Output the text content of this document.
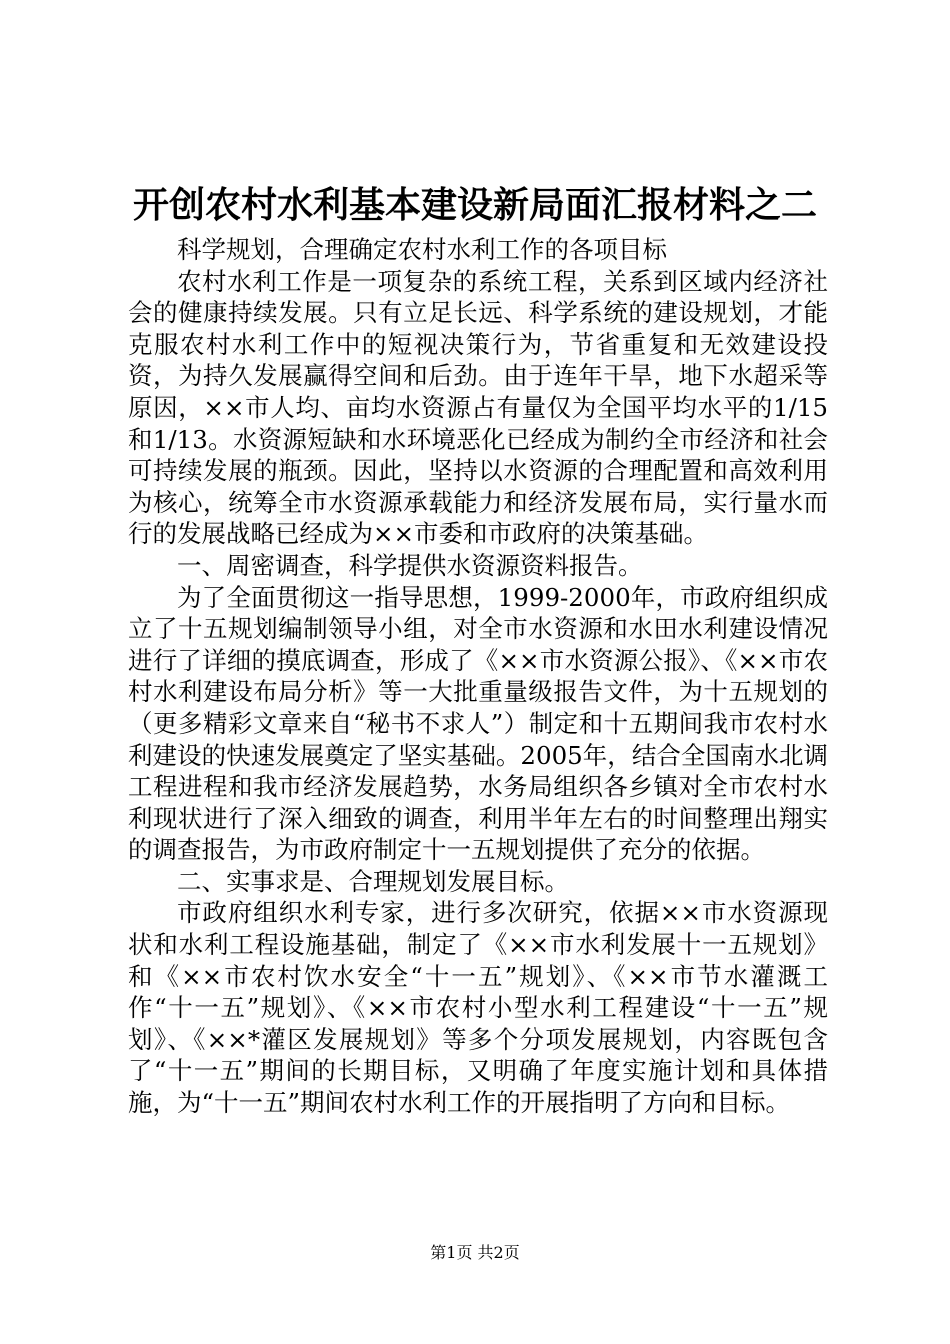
开创农村水利基本建设新局面汇报材料之二

科学规划，合理确定农村水利工作的各项目标

农村水利工作是一项复杂的系统工程，关系到区域内经济社会的健康持续发展。只有立足长远、科学系统的建设规划，才能克服农村水利工作中的短视决策行为，节省重复和无效建设投资，为持久发展赢得空间和后劲。由于连年干旱，地下水超采等原因，××市人均、亩均水资源占有量仅为全国平均水平的1/15和1/13。水资源短缺和水环境恶化已经成为制约全市经济和社会可持续发展的瓶颈。因此，坚持以水资源的合理配置和高效利用为核心，统筹全市水资源承载能力和经济发展布局，实行量水而行的发展战略已经成为××市委和市政府的决策基础。

一、周密调查，科学提供水资源资料报告。

为了全面贯彻这一指导思想，1999-2000年，市政府组织成立了十五规划编制领导小组，对全市水资源和水田水利建设情况进行了详细的摸底调查，形成了《××市水资源公报》、《××市农村水利建设布局分析》等一大批重量级报告文件，为十五规划的（更多精彩文章来自“秘书不求人”）制定和十五期间我市农村水利建设的快速发展奠定了坚实基础。2005年，结合全国南水北调工程进程和我市经济发展趋势，水务局组织各乡镇对全市农村水利现状进行了深入细致的调查，利用半年左右的时间整理出翔实的调查报告，为市政府制定十一五规划提供了充分的依据。

二、实事求是、合理规划发展目标。

市政府组织水利专家，进行多次研究，依据××市水资源现状和水利工程设施基础，制定了《××市水利发展十一五规划》和《××市农村饮水安全“十一五”规划》、《××市节水灌溉工作“十一五”规划》、《××市农村小型水利工程建设“十一五”规划》、《××*灌区发展规划》等多个分项发展规划，内容既包含了“十一五”期间的长期目标，又明确了年度实施计划和具体措施，为“十一五”期间农村水利工作的开展指明了方向和目标。

第1页 共2页
